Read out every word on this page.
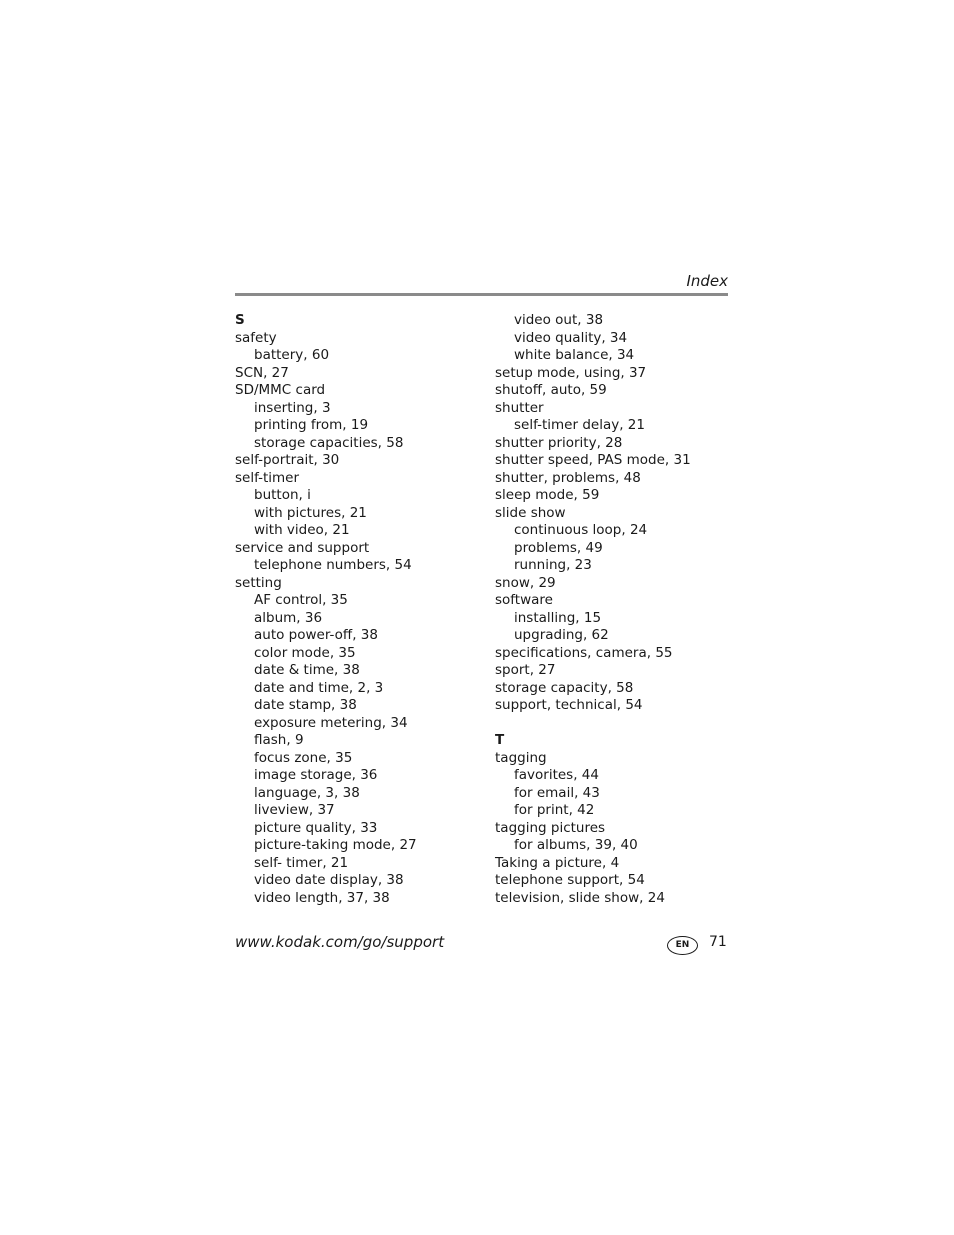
Index
S
safety
battery, 60
SCN, 27
SD/MMC card
inserting, 3
printing from, 19
storage capacities, 58
self-portrait, 30
self-timer
button, i
with pictures, 21
with video, 21
service and support
telephone numbers, 54
setting
AF control, 35
album, 36
auto power-off, 38
color mode, 35
date & time, 38
date and time, 2, 3
date stamp, 38
exposure metering, 34
flash, 9
focus zone, 35
image storage, 36
language, 3, 38
liveview, 37
picture quality, 33
picture-taking mode, 27
self- timer, 21
video date display, 38
video length, 37, 38
video out, 38
video quality, 34
white balance, 34
setup mode, using, 37
shutoff, auto, 59
shutter
self-timer delay, 21
shutter priority, 28
shutter speed, PAS mode, 31
shutter, problems, 48
sleep mode, 59
slide show
continuous loop, 24
problems, 49
running, 23
snow, 29
software
installing, 15
upgrading, 62
specifications, camera, 55
sport, 27
storage capacity, 58
support, technical, 54
T
tagging
favorites, 44
for email, 43
for print, 42
tagging pictures
for albums, 39, 40
Taking a picture, 4
telephone support, 54
television, slide show, 24
www.kodak.com/go/support	EN	71
